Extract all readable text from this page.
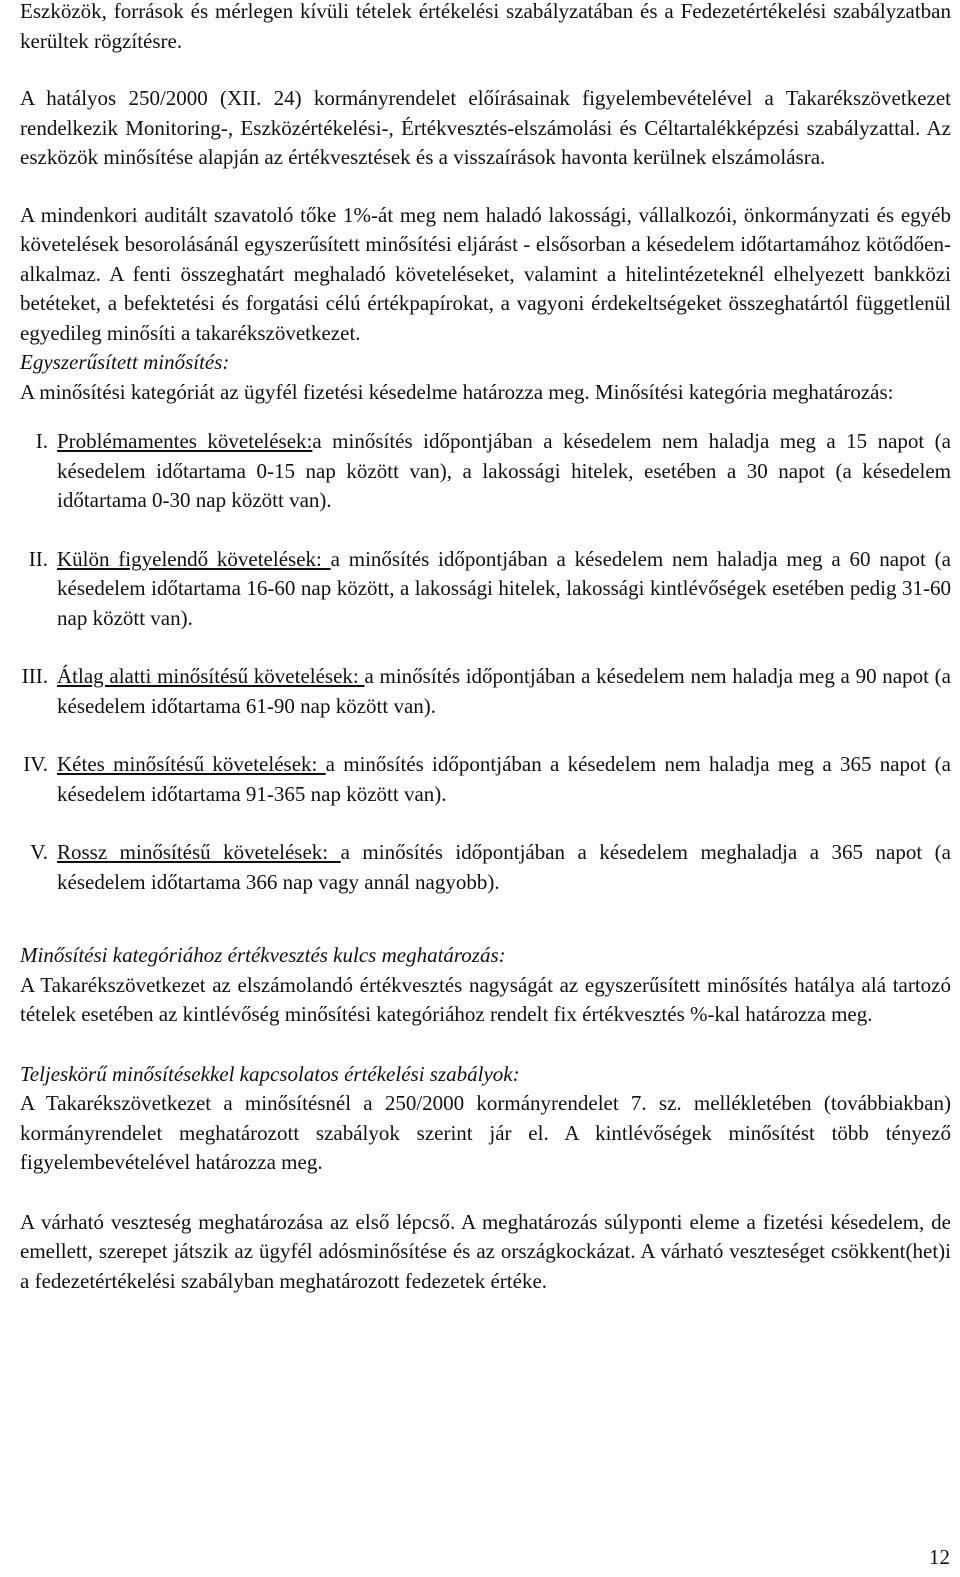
Eszközök, források és mérlegen kívüli tételek értékelési szabályzatában és a Fedezetértékelési szabályzatban kerültek rögzítésre.

A hatályos 250/2000 (XII. 24) kormányrendelet előírásainak figyelembevételével a Takarékszövetkezet rendelkezik Monitoring-, Eszközértékelési-, Értékvesztés-elszámolási és Céltartalékképzési szabályzattal. Az eszközök minősítése alapján az értékvesztések és a visszaírások havonta kerülnek elszámolásra.

A mindenkori auditált szavatoló tőke 1%-át meg nem haladó lakossági, vállalkozói, önkormányzati és egyéb követelések besorolásánál egyszerűsített minősítési eljárást - elsősorban a késedelem időtartamához kötődően- alkalmaz. A fenti összeghatárt meghaladó követeléseket, valamint a hitelintézeteknél elhelyezett bankközi betéteket, a befektetési és forgatási célú értékpapírokat, a vagyoni érdekeltségeket összeghatártól függetlenül egyedileg minősíti a takarékszövetkezet.

Egyszerűsített minősítés:

A minősítési kategóriát az ügyfél fizetési késedelme határozza meg. Minősítési kategória meghatározás:

I. Problémamentes követelések:a minősítés időpontjában a késedelem nem haladja meg a 15 napot (a késedelem időtartama 0-15 nap között van), a lakossági hitelek, esetében a 30 napot (a késedelem időtartama 0-30 nap között van).
II. Külön figyelendő követelések: a minősítés időpontjában a késedelem nem haladja meg a 60 napot (a késedelem időtartama 16-60 nap között, a lakossági hitelek, lakossági kintlévőségek esetében pedig 31-60 nap között van).
III. Átlag alatti minősítésű követelések: a minősítés időpontjában a késedelem nem haladja meg a 90 napot (a késedelem időtartama 61-90 nap között van).
IV. Kétes minősítésű követelések: a minősítés időpontjában a késedelem nem haladja meg a 365 napot (a késedelem időtartama 91-365 nap között van).
V. Rossz minősítésű követelések: a minősítés időpontjában a késedelem meghaladja a 365 napot (a késedelem időtartama 366 nap vagy annál nagyobb).

Minősítési kategóriához értékvesztés kulcs meghatározás:

A Takarékszövetkezet az elszámolandó értékvesztés nagyságát az egyszerűsített minősítés hatálya alá tartozó tételek esetében az kintlévőség minősítési kategóriához rendelt fix értékvesztés %-kal határozza meg.

Teljeskörű minősítésekkel kapcsolatos értékelési szabályok:

A Takarékszövetkezet a minősítésnél a 250/2000 kormányrendelet 7. sz. mellékletében (továbbiakban) kormányrendelet meghatározott szabályok szerint jár el. A kintlévőségek minősítést több tényező figyelembevételével határozza meg.

A várható veszteség meghatározása az első lépcső. A meghatározás súlyponti eleme a fizetési késedelem, de emellett, szerepet játszik az ügyfél adósminősítése és az országkockázat. A várható veszteséget csökkent(het)i a fedezetértékelési szabályban meghatározott fedezetek értéke.

12
